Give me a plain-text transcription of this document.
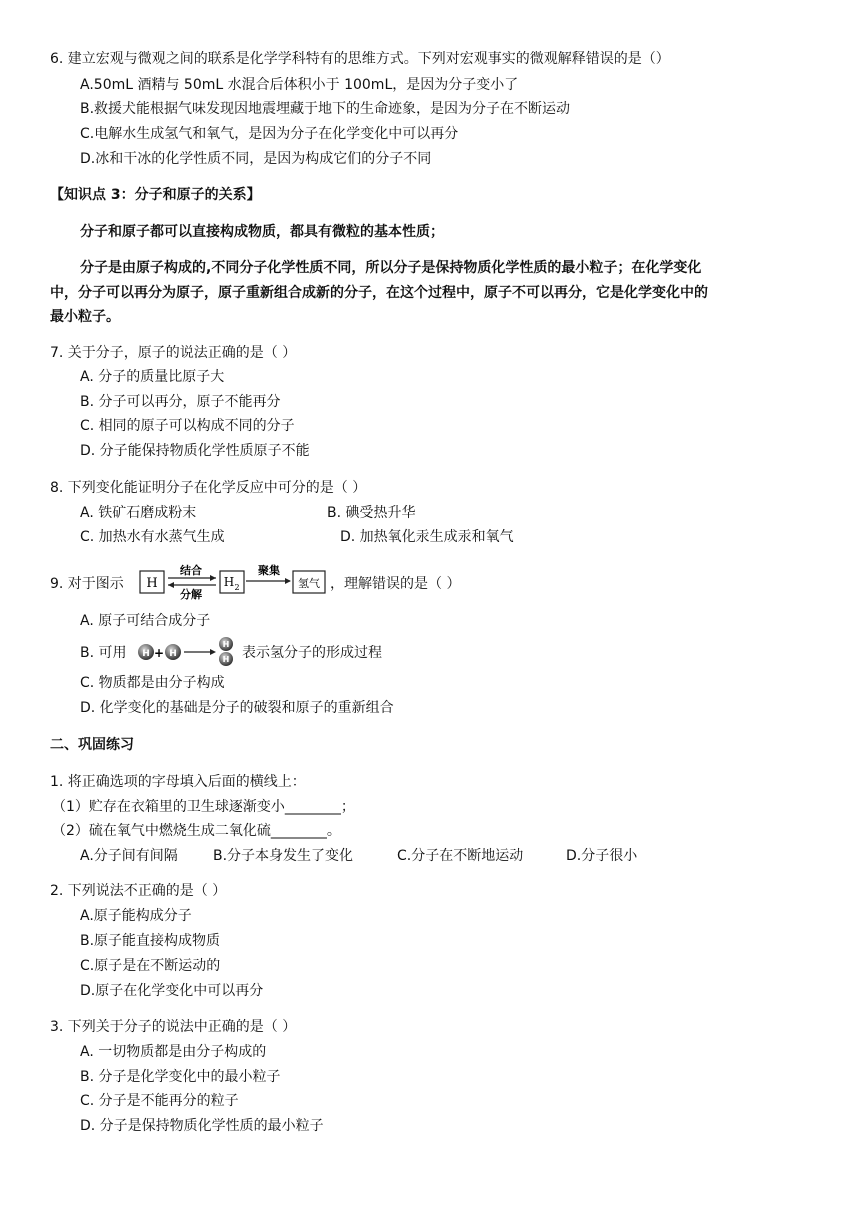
6. 建立宏观与微观之间的联系是化学学科特有的思维方式。下列对宏观事实的微观解释错误的是（）
A.50mL 酒精与 50mL 水混合后体积小于 100mL，是因为分子变小了
B.救援犬能根据气味发现因地震埋藏于地下的生命迹象，是因为分子在不断运动
C.电解水生成氢气和氧气，是因为分子在化学变化中可以再分
D.冰和干冰的化学性质不同，是因为构成它们的分子不同
【知识点 3：分子和原子的关系】
分子和原子都可以直接构成物质，都具有微粒的基本性质；
分子是由原子构成的,不同分子化学性质不同，所以分子是保持物质化学性质的最小粒子；在化学变化
中，分子可以再分为原子，原子重新组合成新的分子，在这个过程中，原子不可以再分，它是化学变化中的
最小粒子。
7. 关于分子，原子的说法正确的是（ ）
A. 分子的质量比原子大
B. 分子可以再分，原子不能再分
C. 相同的原子可以构成不同的分子
D. 分子能保持物质化学性质原子不能
8. 下列变化能证明分子在化学反应中可分的是（ ）
A. 铁矿石磨成粉末	B. 碘受热升华
C. 加热水有水蒸气生成	D. 加热氧化汞生成汞和氧气
9. 对于图示 H
结合
分解
H 2
聚集
氢气 ，理解错误的是（ ）
A. 原子可结合成分子
B. 可用 H + H
H
H 表示氢分子的形成过程
C. 物质都是由分子构成
D. 化学变化的基础是分子的破裂和原子的重新组合
二、巩固练习
1. 将正确选项的字母填入后面的横线上：
（1）贮存在衣箱里的卫生球逐渐变小________；
（2）硫在氧气中燃烧生成二氧化硫________。
A.分子间有间隔	B.分子本身发生了变化	C.分子在不断地运动	D.分子很小
2. 下列说法不正确的是（ ）
A.原子能构成分子
B.原子能直接构成物质
C.原子是在不断运动的
D.原子在化学变化中可以再分
3. 下列关于分子的说法中正确的是（ ）
A. 一切物质都是由分子构成的
B. 分子是化学变化中的最小粒子
C. 分子是不能再分的粒子
D. 分子是保持物质化学性质的最小粒子
